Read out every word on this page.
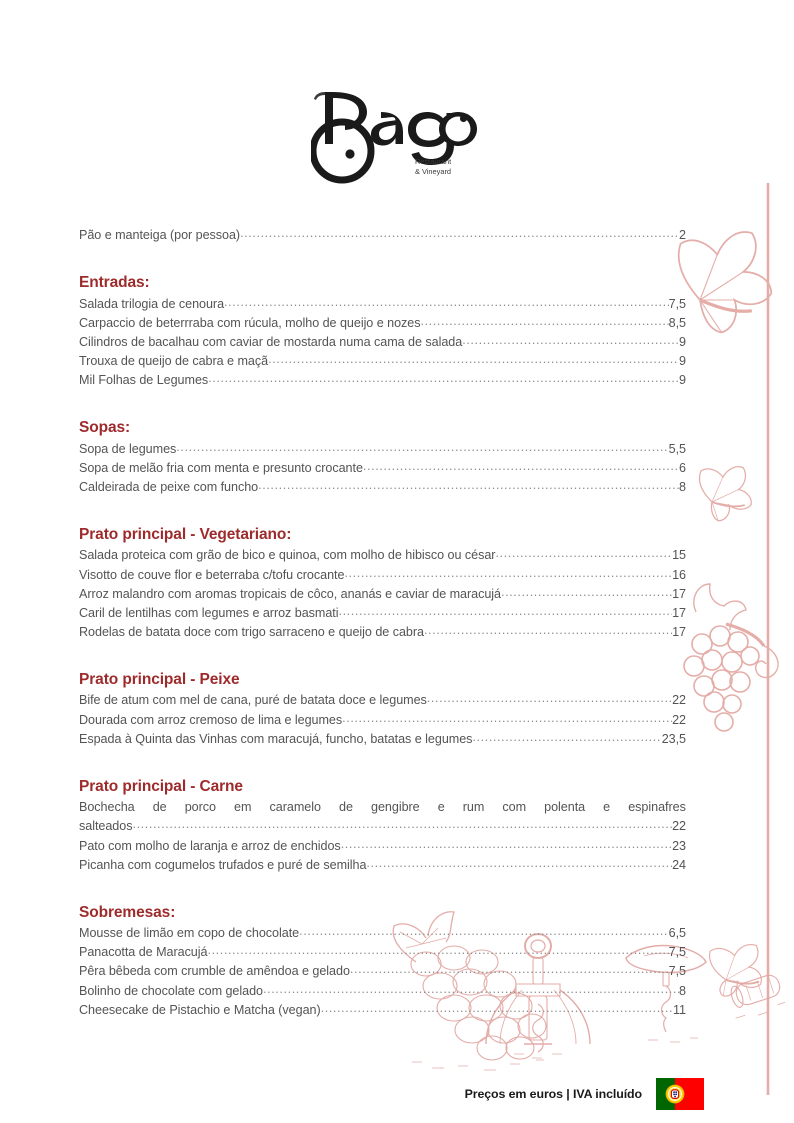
Restaurant
& Vineyard
Pão e manteiga (por pessoa) .....	2
Entradas:
Salada trilogia de cenoura .....	7,5
Carpaccio de beterrraba com rúcula, molho de queijo e nozes .....	8,5
Cilindros de bacalhau com caviar de mostarda numa cama de salada .....	9
Trouxa de queijo de cabra e maçã .....	9
Mil Folhas de Legumes .....	9
Sopas:
Sopa de legumes .....	5,5
Sopa de melão fria com menta e presunto crocante .....	6
Caldeirada de peixe com funcho .....	8
Prato principal - Vegetariano:
Salada proteica com grão de bico e quinoa, com molho de hibisco ou césar .....	15
Visotto de couve flor e beterraba c/tofu crocante .....	16
Arroz malandro com aromas tropicais de côco, ananás e caviar de maracujá .....	17
Caril de lentilhas com legumes e arroz basmati .....	17
Rodelas de batata doce com trigo sarraceno e queijo de cabra .....	17
Prato principal - Peixe
Bife de atum com mel de cana, puré de batata doce e legumes .....	22
Dourada com arroz cremoso de lima e legumes .....	22
Espada à Quinta das Vinhas com maracujá, funcho, batatas e legumes .....	23,5
Prato principal - Carne
Bochecha de porco em caramelo de gengibre e rum com polenta e espinafres
salteados .....	22
Pato com molho de laranja e arroz de enchidos .....	23
Picanha com cogumelos trufados e puré de semilha .....	24
Sobremesas:
Mousse de limão em copo de chocolate .....	6,5
Panacotta de Maracujá .....	7,5
Pêra bêbeda com crumble de amêndoa e gelado .....	7,5
Bolinho de chocolate com gelado .....	8
Cheesecake de Pistachio e Matcha (vegan) .....	11
Preços em euros | IVA incluído
